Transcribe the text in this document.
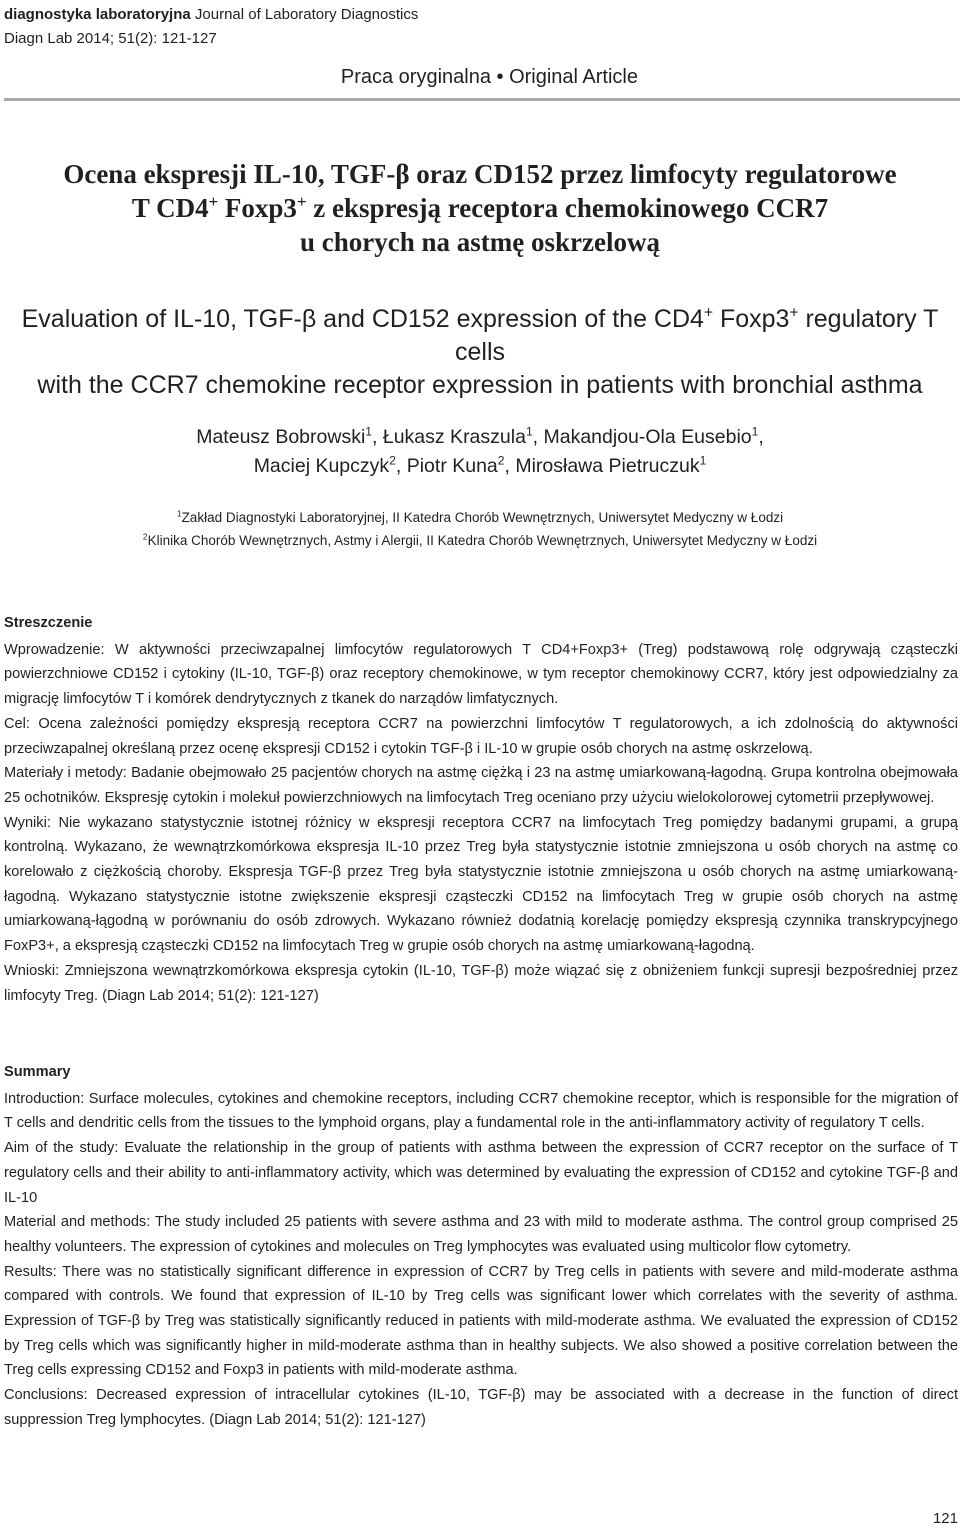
diagnostyka laboratoryjna Journal of Laboratory Diagnostics
Diagn Lab 2014; 51(2): 121-127
Praca oryginalna • Original Article
Ocena ekspresji IL-10, TGF-β oraz CD152 przez limfocyty regulatorowe
T CD4+ Foxp3+ z ekspresją receptora chemokinowego CCR7
u chorych na astmę oskrzelową
Evaluation of IL-10, TGF-β and CD152 expression of the CD4+ Foxp3+ regulatory T cells
with the CCR7 chemokine receptor expression in patients with bronchial asthma
Mateusz Bobrowski$^1$, Łukasz Kraszula$^1$, Makandjou-Ola Eusebio$^1$,
Maciej Kupczyk$^2$, Piotr Kuna$^2$, Mirosława Pietruczuk$^1$
$^1$Zakład Diagnostyki Laboratoryjnej, II Katedra Chorób Wewnętrznych, Uniwersytet Medyczny w Łodzi
$^2$Klinika Chorób Wewnętrznych, Astmy i Alergii, II Katedra Chorób Wewnętrznych, Uniwersytet Medyczny w Łodzi
Streszczenie

Wprowadzenie: W aktywności przeciwzapalnej limfocytów regulatorowych T CD4+Foxp3+ (Treg) podstawową rolę odgrywają cząsteczki powierzchniowe CD152 i cytokiny (IL-10, TGF-β) oraz receptory chemokinowe, w tym receptor chemokinowy CCR7, który jest odpowiedzialny za migrację limfocytów T i komórek dendrytycznych z tkanek do narządów limfatycznych.

Cel: Ocena zależności pomiędzy ekspresją receptora CCR7 na powierzchni limfocytów T regulatorowych, a ich zdolnością do aktywności przeciwzapalnej określaną przez ocenę ekspresji CD152 i cytokin TGF-β i IL-10 w grupie osób chorych na astmę oskrzelową.

Materiały i metody: Badanie obejmowało 25 pacjentów chorych na astmę ciężką i 23 na astmę umiarkowaną-łagodną. Grupa kontrolna obejmowała 25 ochotników. Ekspresję cytokin i molekuł powierzchniowych na limfocytach Treg oceniano przy użyciu wielokolorowej cytometrii przepływowej.

Wyniki: Nie wykazano statystycznie istotnej różnicy w ekspresji receptora CCR7 na limfocytach Treg pomiędzy badanymi grupami, a grupą kontrolną. Wykazano, że wewnątrzkomórkowa ekspresja IL-10 przez Treg była statystycznie istotnie zmniejszona u osób chorych na astmę co korelowało z ciężkością choroby. Ekspresja TGF-β przez Treg była statystycznie istotnie zmniejszona u osób chorych na astmę umiarkowaną-łagodną. Wykazano statystycznie istotne zwiększenie ekspresji cząsteczki CD152 na limfocytach Treg w grupie osób chorych na astmę umiarkowaną-łągodną w porównaniu do osób zdrowych. Wykazano również dodatnią korelację pomiędzy ekspresją czynnika transkrypcyjnego FoxP3+, a ekspresją cząsteczki CD152 na limfocytach Treg w grupie osób chorych na astmę umiarkowaną-łagodną.

Wnioski: Zmniejszona wewnątrzkomórkowa ekspresja cytokin (IL-10, TGF-β) może wiązać się z obniżeniem funkcji supresji bezpośredniej przez limfocyty Treg. (Diagn Lab 2014; 51(2): 121-127)

Summary

Introduction: Surface molecules, cytokines and chemokine receptors, including CCR7 chemokine receptor, which is responsible for the migration of T cells and dendritic cells from the tissues to the lymphoid organs, play a fundamental role in the anti-inflammatory activity of regulatory T cells.

Aim of the study: Evaluate the relationship in the group of patients with asthma between the expression of CCR7 receptor on the surface of T regulatory cells and their ability to anti-inflammatory activity, which was determined by evaluating the expression of CD152 and cytokine TGF-β and IL-10

Material and methods: The study included 25 patients with severe asthma and 23 with mild to moderate asthma. The control group comprised 25 healthy volunteers. The expression of cytokines and molecules on Treg lymphocytes was evaluated using multicolor flow cytometry.

Results: There was no statistically significant difference in expression of CCR7 by Treg cells in patients with severe and mild-moderate asthma compared with controls. We found that expression of IL-10 by Treg cells was significant lower which correlates with the severity of asthma. Expression of TGF-β by Treg was statistically significantly reduced in patients with mild-moderate asthma. We evaluated the expression of CD152 by Treg cells which was significantly higher in mild-moderate asthma than in healthy subjects. We also showed a positive correlation between the Treg cells expressing CD152 and Foxp3 in patients with mild-moderate asthma.

Conclusions: Decreased expression of intracellular cytokines (IL-10, TGF-β) may be associated with a decrease in the function of direct suppression Treg lymphocytes. (Diagn Lab 2014; 51(2): 121-127)

121
